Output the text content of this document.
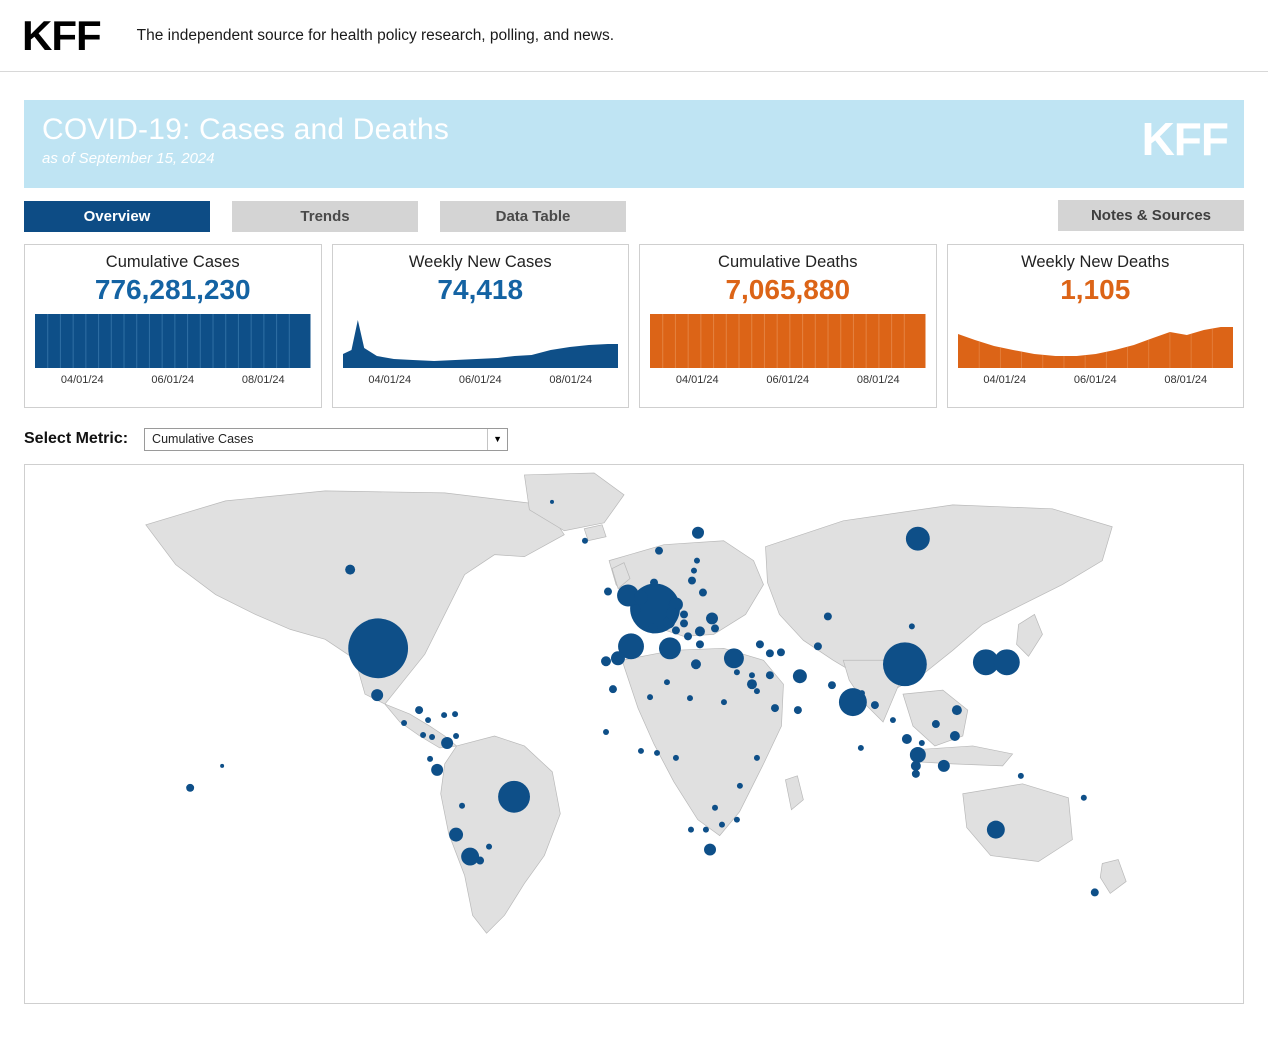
KFF The independent source for health policy research, polling, and news.
COVID-19: Cases and Deaths
as of September 15, 2024	KFF
Overview	Trends	Data Table	Notes & Sources
Cumulative Cases
776,281,230
04/01/24	06/01/24	08/01/24
Weekly New Cases
74,418
04/01/24	06/01/24	08/01/24
Cumulative Deaths
7,065,880
04/01/24	06/01/24	08/01/24
Weekly New Deaths
1,105
04/01/24	06/01/24	08/01/24
Select Metric: Cumulative Cases	▼
